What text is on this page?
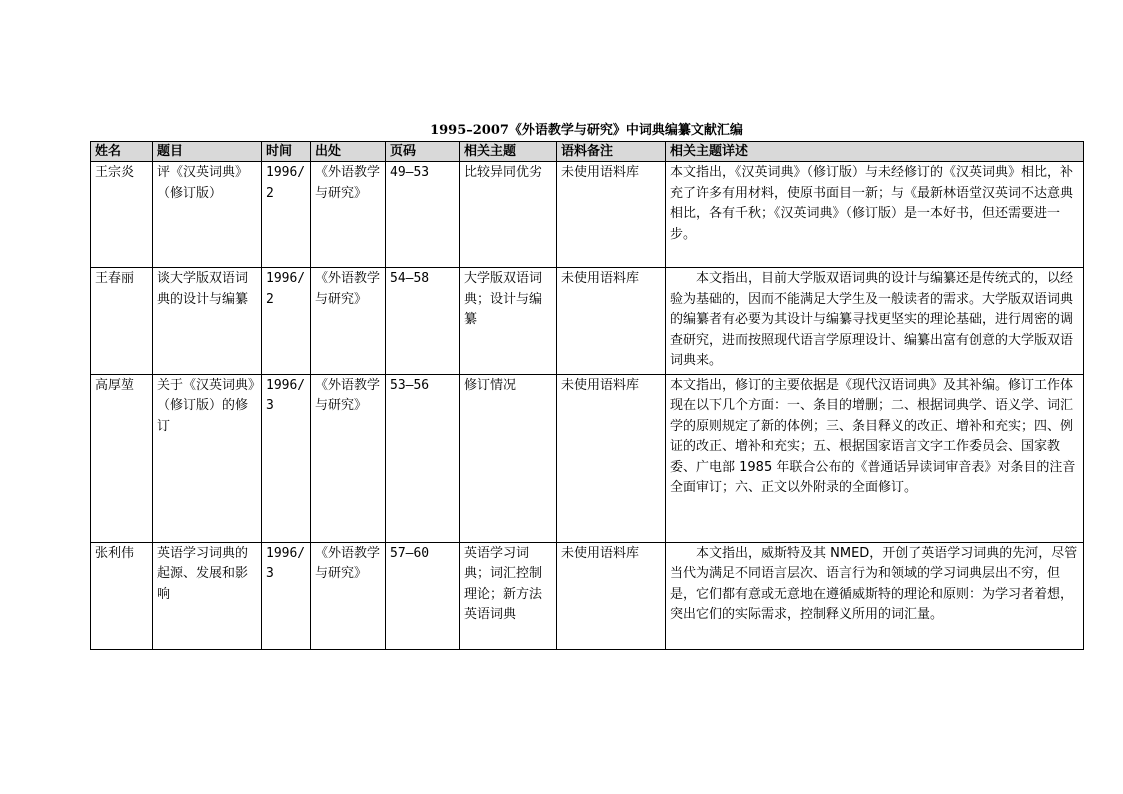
1995–2007《外语教学与研究》中词典编纂文献汇编
姓名	题目	时间	出处	页码	相关主题	语料备注	相关主题详述
王宗炎	评《汉英词典》（修订版）	1996/2	《外语教学与研究》	49–53	比较异同优劣	未使用语料库	本文指出，《汉英词典》（修订版）与未经修订的《汉英词典》相比，补充了许多有用材料，使原书面目一新；与《最新林语堂汉英词不达意典相比，各有千秋；《汉英词典》（修订版）是一本好书，但还需要进一步。
王春丽	谈大学版双语词典的设计与编纂	1996/2	《外语教学与研究》	54–58	大学版双语词典；设计与编纂	未使用语料库	本文指出，目前大学版双语词典的设计与编纂还是传统式的，以经验为基础的，因而不能满足大学生及一般读者的需求。大学版双语词典的编纂者有必要为其设计与编纂寻找更坚实的理论基础，进行周密的调查研究，进而按照现代语言学原理设计、编纂出富有创意的大学版双语词典来。

高厚堃	关于《汉英词典》（修订版）的修订	1996/3	《外语教学与研究》	53–56	修订情况	未使用语料库	本文指出，修订的主要依据是《现代汉语词典》及其补编。修订工作体现在以下几个方面：一、条目的增删；二、根据词典学、语义学、词汇学的原则规定了新的体例；三、条目释义的改正、增补和充实；四、例证的改正、增补和充实；五、根据国家语言文字工作委员会、国家教委、广电部 1985 年联合公布的《普通话异读词审音表》对条目的注音全面审订；六、正文以外附录的全面修订。
张利伟	英语学习词典的起源、发展和影响	1996/3	《外语教学与研究》	57–60	英语学习词典；词汇控制理论；新方法英语词典	未使用语料库	本文指出，威斯特及其 NMED，开创了英语学习词典的先河，尽管当代为满足不同语言层次、语言行为和领域的学习词典层出不穷，但是，它们都有意或无意地在遵循威斯特的理论和原则：为学习者着想，突出它们的实际需求，控制释义所用的词汇量。
